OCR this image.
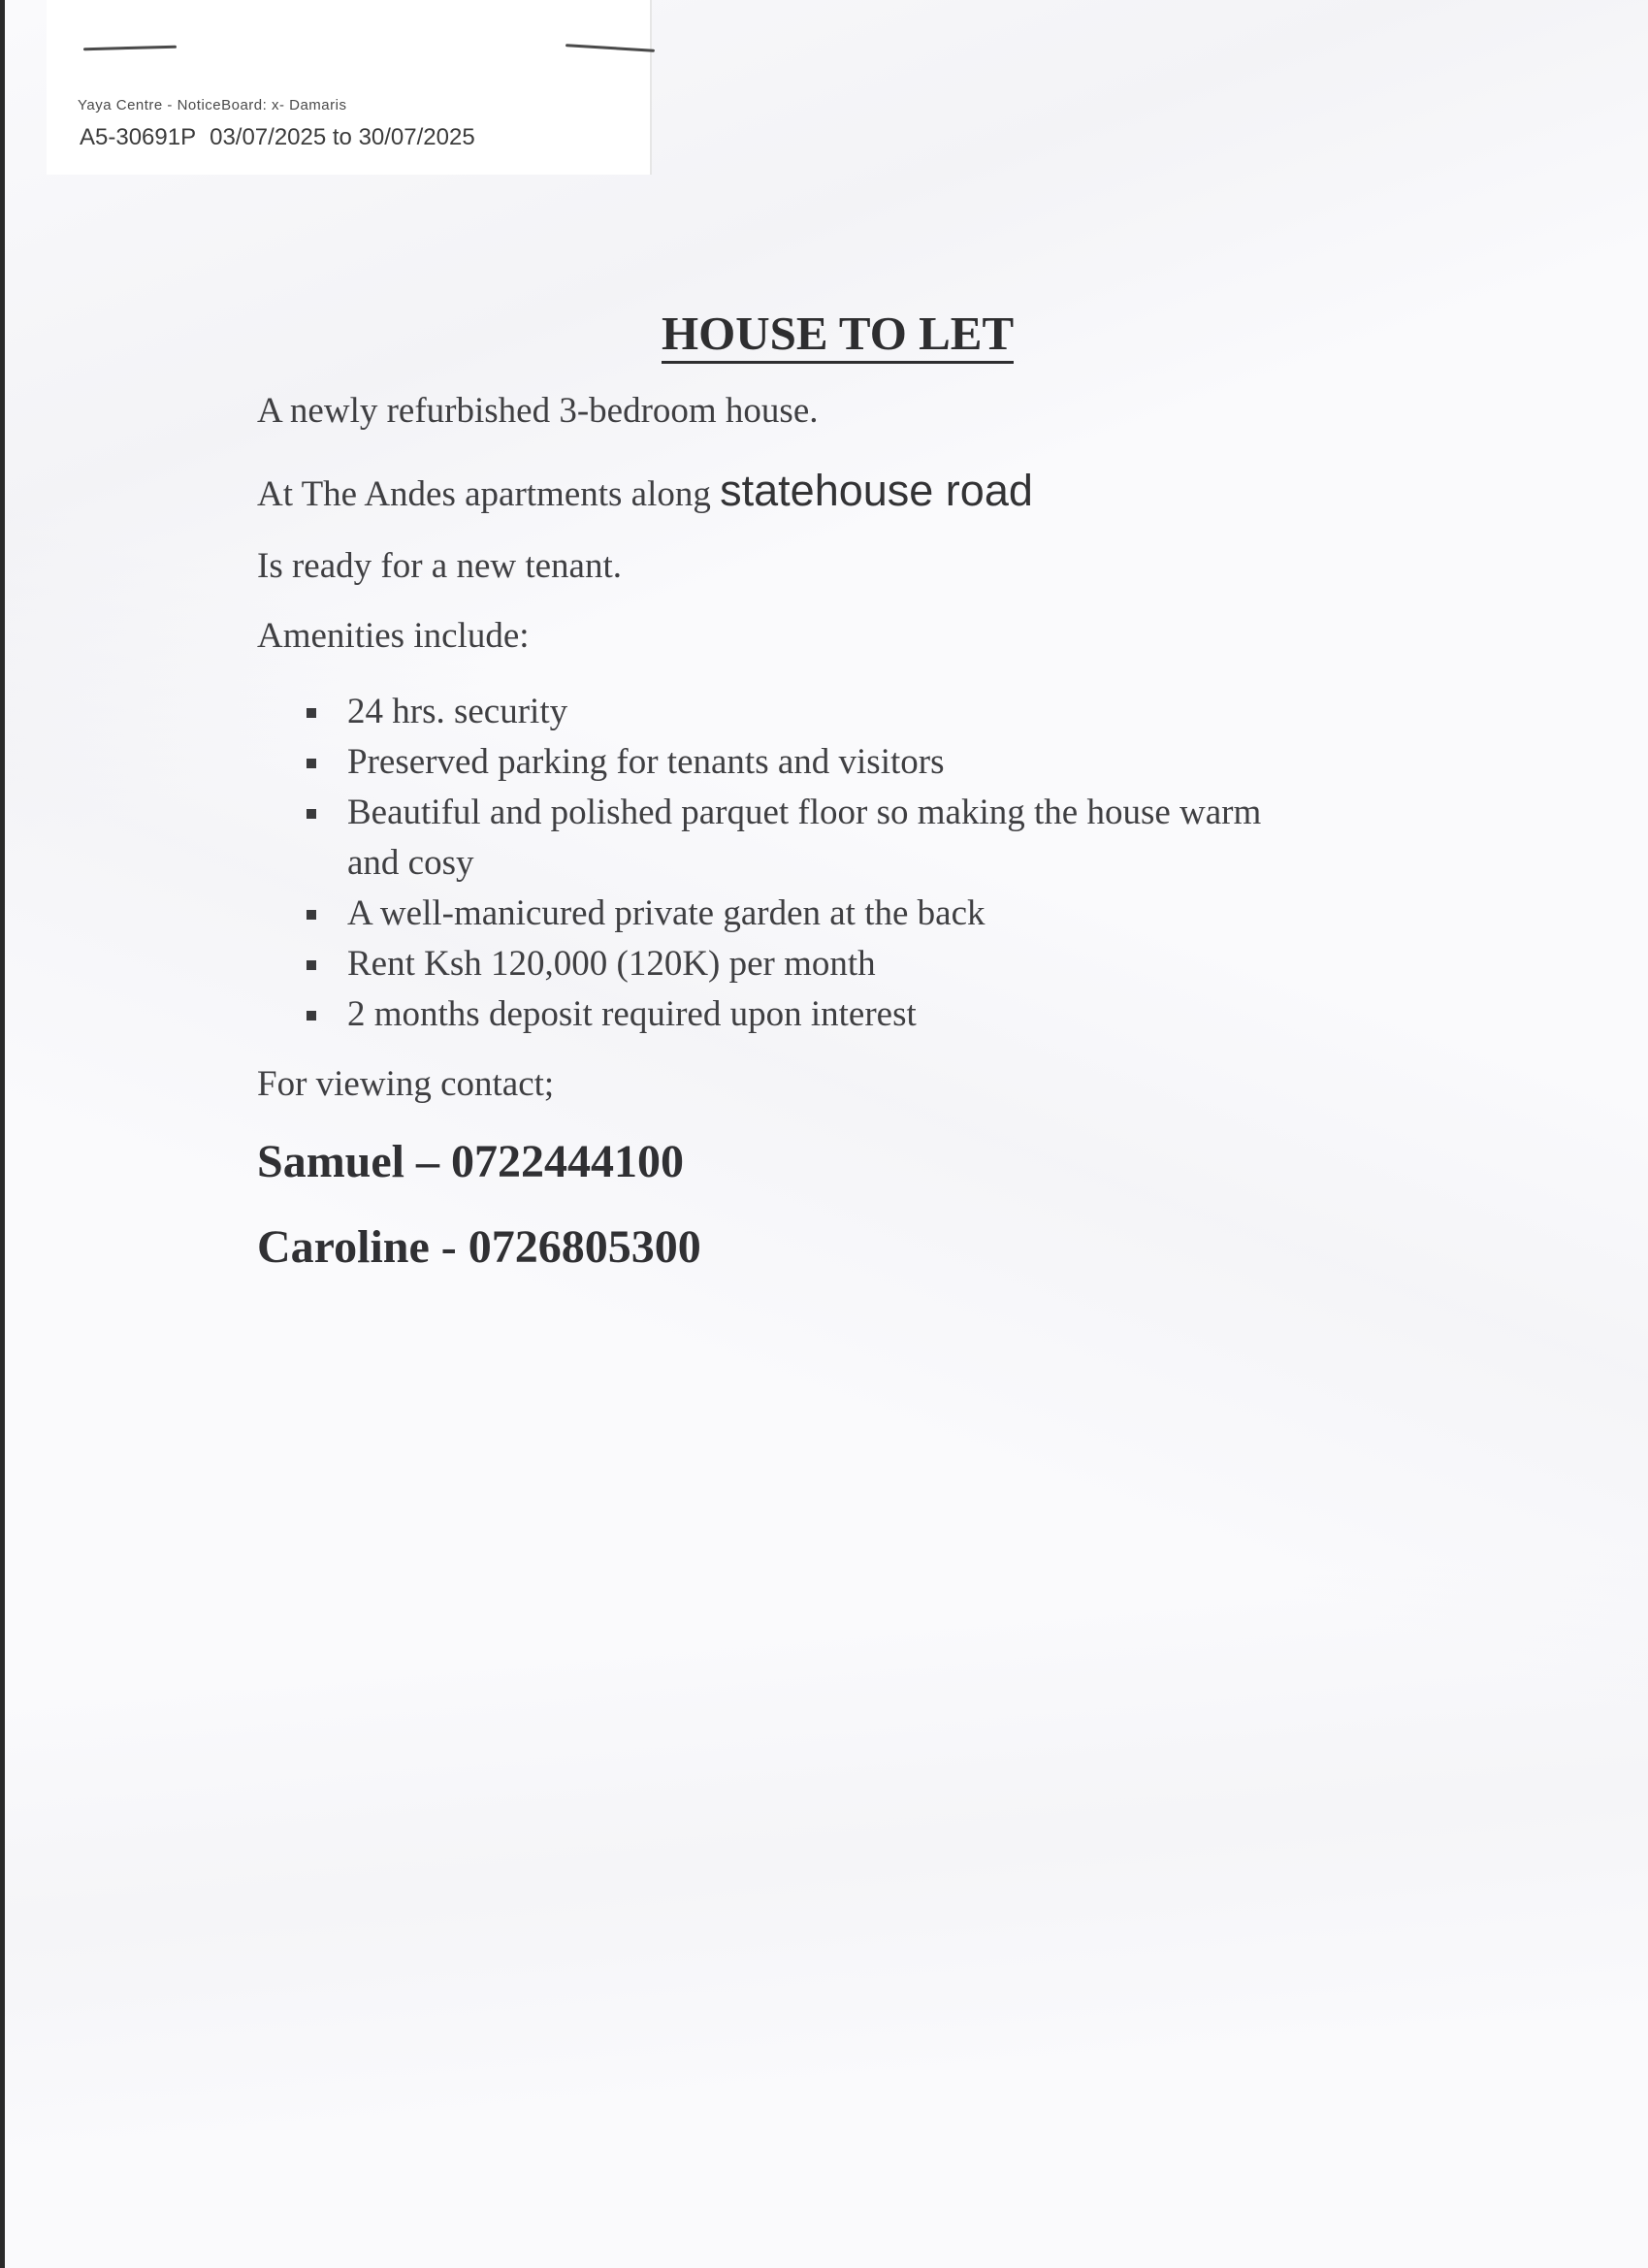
Yaya Centre - NoticeBoard: x- Damaris
A5-30691P 03/07/2025 to 30/07/2025
HOUSE TO LET
A newly refurbished 3-bedroom house.
At The Andes apartments along statehouse road
Is ready for a new tenant.
Amenities include:
24 hrs. security
Preserved parking for tenants and visitors
Beautiful and polished parquet floor so making the house warm and cosy
A well-manicured private garden at the back
Rent Ksh 120,000 (120K) per month
2 months deposit required upon interest
For viewing contact;
Samuel – 0722444100
Caroline - 0726805300
